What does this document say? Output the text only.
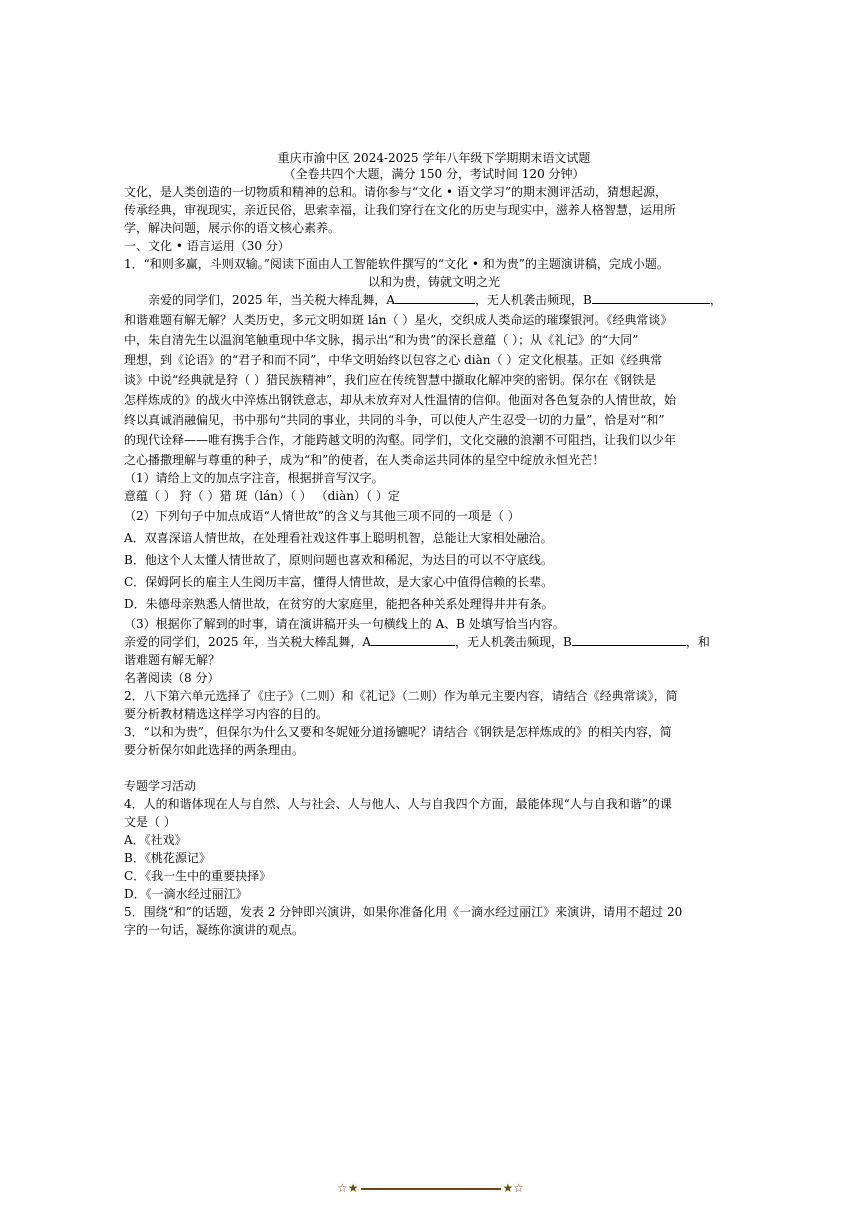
重庆市渝中区 2024-2025 学年八年级下学期期末语文试题
（全卷共四个大题，满分 150 分，考试时间 120 分钟）
文化，是人类创造的一切物质和精神的总和。请你参与“文化 • 语文学习”的期末测评活动，猜想起源，
传承经典，审视现实，亲近民俗，思索幸福，让我们穿行在文化的历史与现实中，滋养人格智慧，运用所
学，解决问题，展示你的语文核心素养。
一、文化 • 语言运用（30 分）
1．“和则多赢，斗则双输。”阅读下面由人工智能软件撰写的“文化 • 和为贵”的主题演讲稿，完成小题。
以和为贵，铸就文明之光
亲爱的同学们，2025 年，当关税大棒乱舞，A	，无人机袭击频现，B	，
和谐难题有解无解？人类历史，多元文明如斑 lán（ ）星火，交织成人类命运的璀璨银河。《经典常谈》
中，朱自清先生以温润笔触重现中华文脉，揭示出“和为贵”的深长意蕴（ ）；从《礼记》的“大同”
理想，到《论语》的“君子和而不同”，中华文明始终以包容之心 diàn（ ）定文化根基。正如《经典常
谈》中说“经典就是狩（ ）猎民族精神”，我们应在传统智慧中撷取化解冲突的密钥。保尔在《钢铁是
怎样炼成的》的战火中淬炼出钢铁意志，却从未放弃对人性温情的信仰。他面对各色复杂的人情世故，始
终以真诚消融偏见，书中那句“共同的事业，共同的斗争，可以使人产生忍受一切的力量”，恰是对“和”
的现代诠释——唯有携手合作，才能跨越文明的沟壑。同学们，文化交融的浪潮不可阻挡，让我们以少年
之心播撒理解与尊重的种子，成为“和”的使者，在人类命运共同体的星空中绽放永恒光芒！
（1）请给上文的加点字注音，根据拼音写汉字。
意蕴（ ） 狩（ ）猎 斑（lán）（ ） （diàn）（ ）定
（2）下列句子中加点成语“人情世故”的含义与其他三项不同的一项是（ ）
A．双喜深谙人情世故，在处理看社戏这件事上聪明机智，总能让大家相处融洽。
B．他这个人太懂人情世故了，原则问题也喜欢和稀泥，为达目的可以不守底线。
C．保姆阿长的雇主人生阅历丰富，懂得人情世故，是大家心中值得信赖的长辈。
D．朱德母亲熟悉人情世故，在贫穷的大家庭里，能把各种关系处理得井井有条。
（3）根据你了解到的时事，请在演讲稿开头一句横线上的 A、B 处填写恰当内容。
亲爱的同学们，2025 年，当关税大棒乱舞，A	，无人机袭击频现，B	，和
谐难题有解无解？
名著阅读（8 分）
2．八下第六单元选择了《庄子》（二则）和《礼记》（二则）作为单元主要内容，请结合《经典常谈》，简
要分析教材精选这样学习内容的目的。
3．“以和为贵”，但保尔为什么又要和冬妮娅分道扬镳呢？请结合《钢铁是怎样炼成的》的相关内容，简
要分析保尔如此选择的两条理由。
专题学习活动
4．人的和谐体现在人与自然、人与社会、人与他人、人与自我四个方面，最能体现“人与自我和谐”的课
文是（ ）
A．《社戏》
B．《桃花源记》
C．《我一生中的重要抉择》
D．《一滴水经过丽江》
5．围绕“和”的话题，发表 2 分钟即兴演讲，如果你准备化用《一滴水经过丽江》来演讲，请用不超过 20
字的一句话，凝练你演讲的观点。
☆★	★☆
